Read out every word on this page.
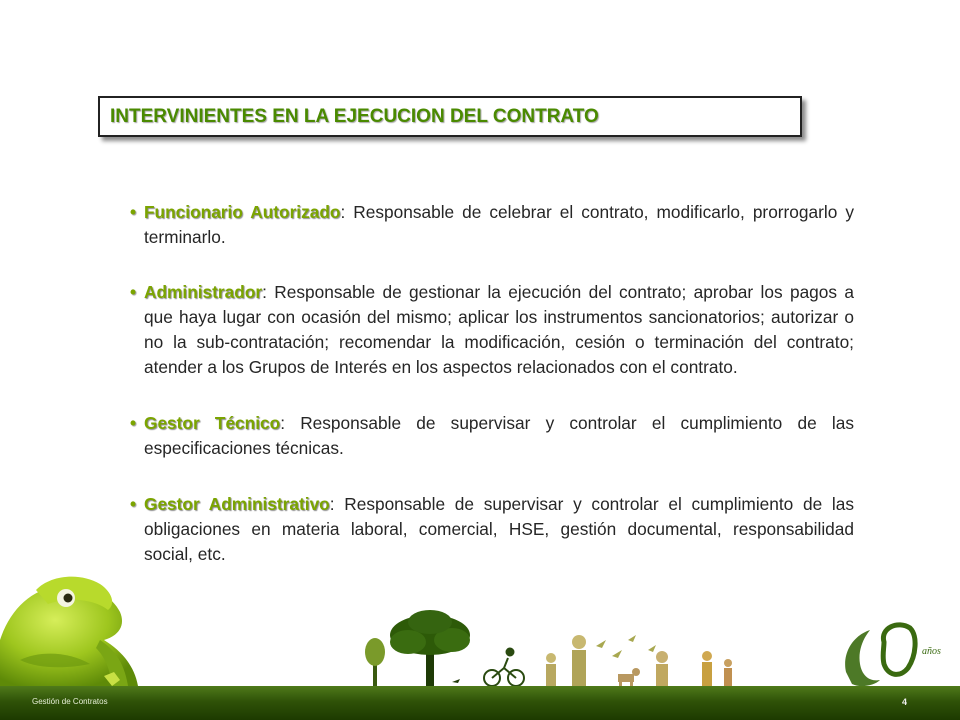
INTERVINIENTES EN LA EJECUCION DEL CONTRATO
• Funcionario Autorizado: Responsable de celebrar el contrato, modificarlo, prorrogarlo y terminarlo.
• Administrador: Responsable de gestionar la ejecución del contrato; aprobar los pagos a que haya lugar con ocasión del mismo; aplicar los instrumentos sancionatorios; autorizar o no la sub-contratación; recomendar la modificación, cesión o terminación del contrato; atender a los Grupos de Interés en los aspectos relacionados con el contrato.
• Gestor Técnico: Responsable de supervisar y controlar el cumplimiento de las especificaciones técnicas.
• Gestor Administrativo: Responsable de supervisar y controlar el cumplimiento de las obligaciones en materia laboral, comercial, HSE, gestión documental, responsabilidad social, etc.
años
Gestión de Contratos	4
